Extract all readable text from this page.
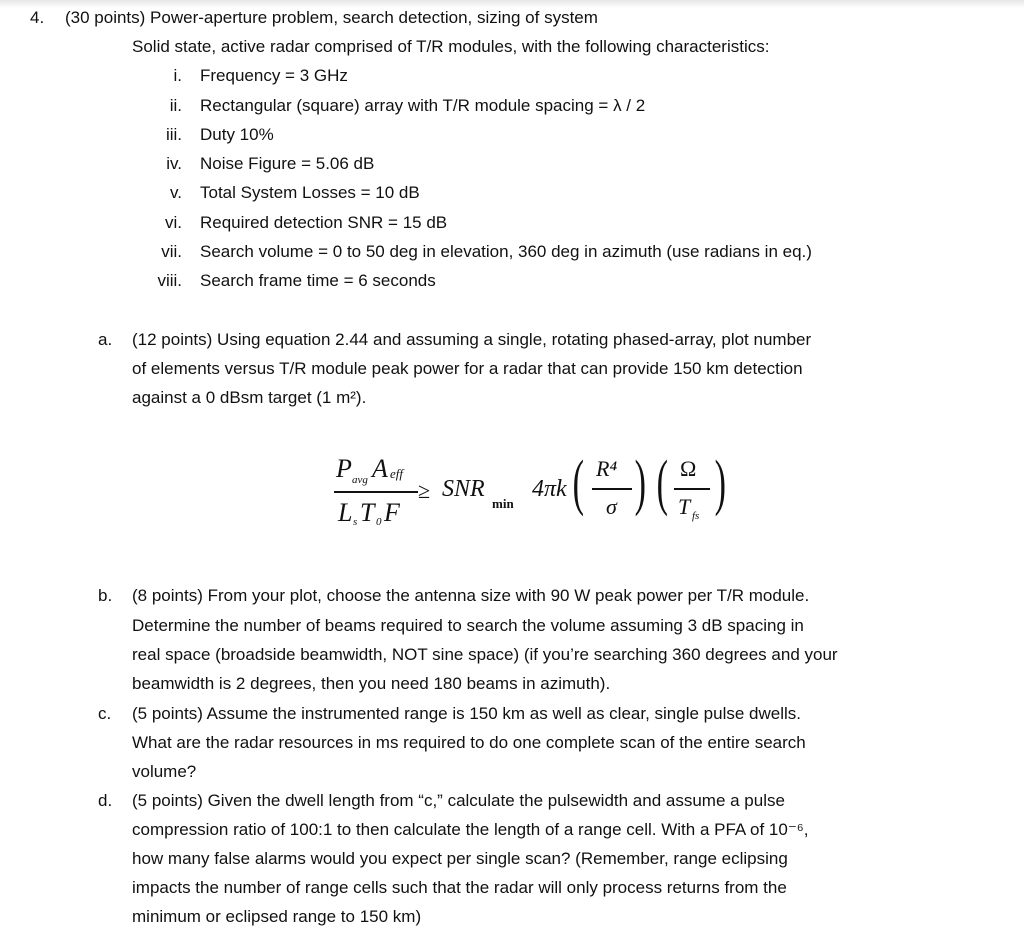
4. (30 points) Power-aperture problem, search detection, sizing of system
Solid state, active radar comprised of T/R modules, with the following characteristics:
i. Frequency = 3 GHz
ii. Rectangular (square) array with T/R module spacing = λ / 2
iii. Duty 10%
iv. Noise Figure = 5.06 dB
v. Total System Losses = 10 dB
vi. Required detection SNR = 15 dB
vii. Search volume = 0 to 50 deg in elevation, 360 deg in azimuth (use radians in eq.)
viii. Search frame time = 6 seconds
a. (12 points) Using equation 2.44 and assuming a single, rotating phased-array, plot number
of elements versus T/R module peak power for a radar that can provide 150 km detection
against a 0 dBsm target (1 m²).
P avg A eff
L s T 0 F
≥ SNR
min
4πk ( R⁴
σ ) ( Ω
T fs )
b. (8 points) From your plot, choose the antenna size with 90 W peak power per T/R module.
Determine the number of beams required to search the volume assuming 3 dB spacing in
real space (broadside beamwidth, NOT sine space) (if you’re searching 360 degrees and your
beamwidth is 2 degrees, then you need 180 beams in azimuth).
c. (5 points) Assume the instrumented range is 150 km as well as clear, single pulse dwells.
What are the radar resources in ms required to do one complete scan of the entire search
volume?
d. (5 points) Given the dwell length from “c,” calculate the pulsewidth and assume a pulse
compression ratio of 100:1 to then calculate the length of a range cell. With a PFA of 10⁻⁶,
how many false alarms would you expect per single scan? (Remember, range eclipsing
impacts the number of range cells such that the radar will only process returns from the
minimum or eclipsed range to 150 km)
